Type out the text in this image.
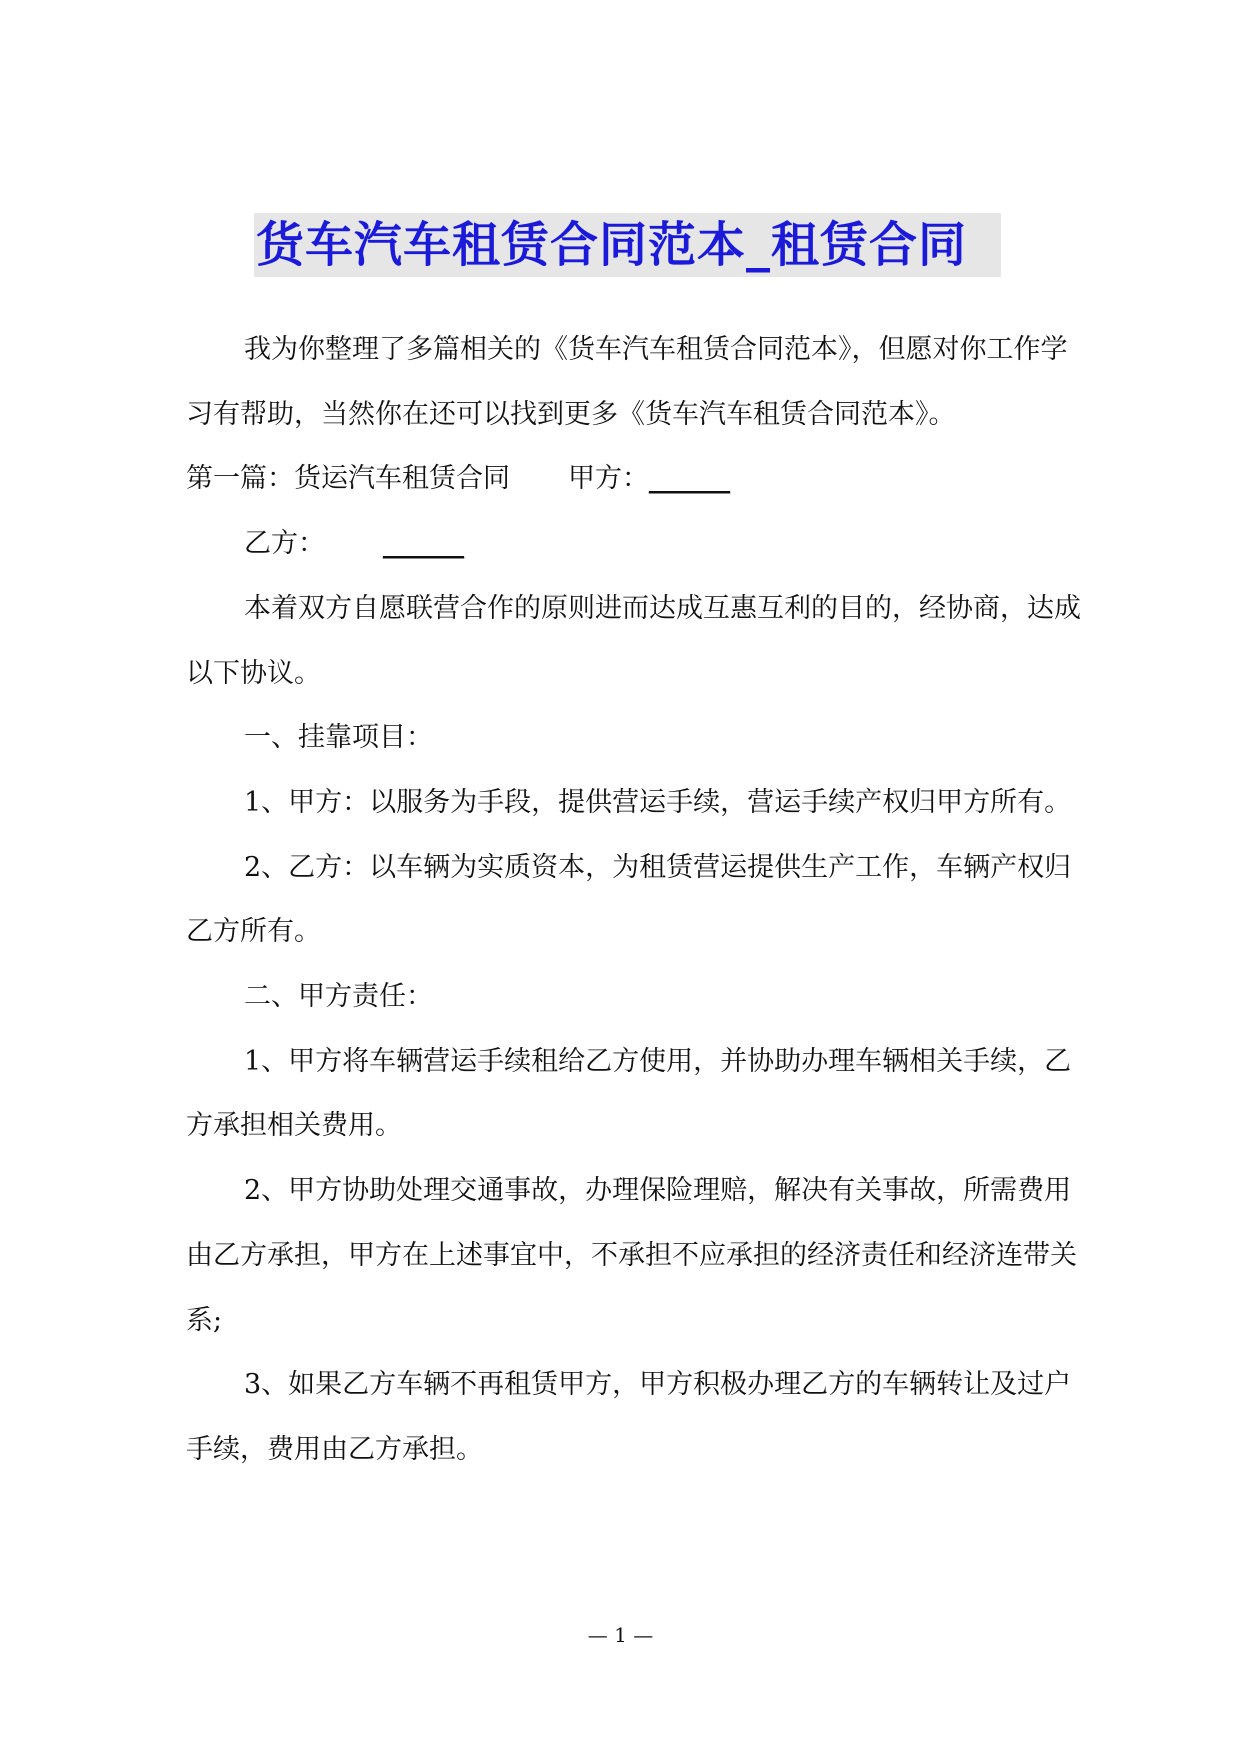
货车汽车租赁合同范本_租赁合同

我为你整理了多篇相关的《货车汽车租赁合同范本》，但愿对你工作学习有帮助，当然你在还可以找到更多《货车汽车租赁合同范本》。

第一篇：货运汽车租赁合同 甲方：______

乙方： ______

本着双方自愿联营合作的原则进而达成互惠互利的目的，经协商，达成以下协议。

一、挂靠项目：

1、甲方：以服务为手段，提供营运手续，营运手续产权归甲方所有。

2、乙方：以车辆为实质资本，为租赁营运提供生产工作，车辆产权归乙方所有。

二、甲方责任：

1、甲方将车辆营运手续租给乙方使用，并协助办理车辆相关手续，乙方承担相关费用。

2、甲方协助处理交通事故，办理保险理赔，解决有关事故，所需费用由乙方承担，甲方在上述事宜中，不承担不应承担的经济责任和经济连带关系;

3、如果乙方车辆不再租赁甲方，甲方积极办理乙方的车辆转让及过户手续，费用由乙方承担。

— 1 —
